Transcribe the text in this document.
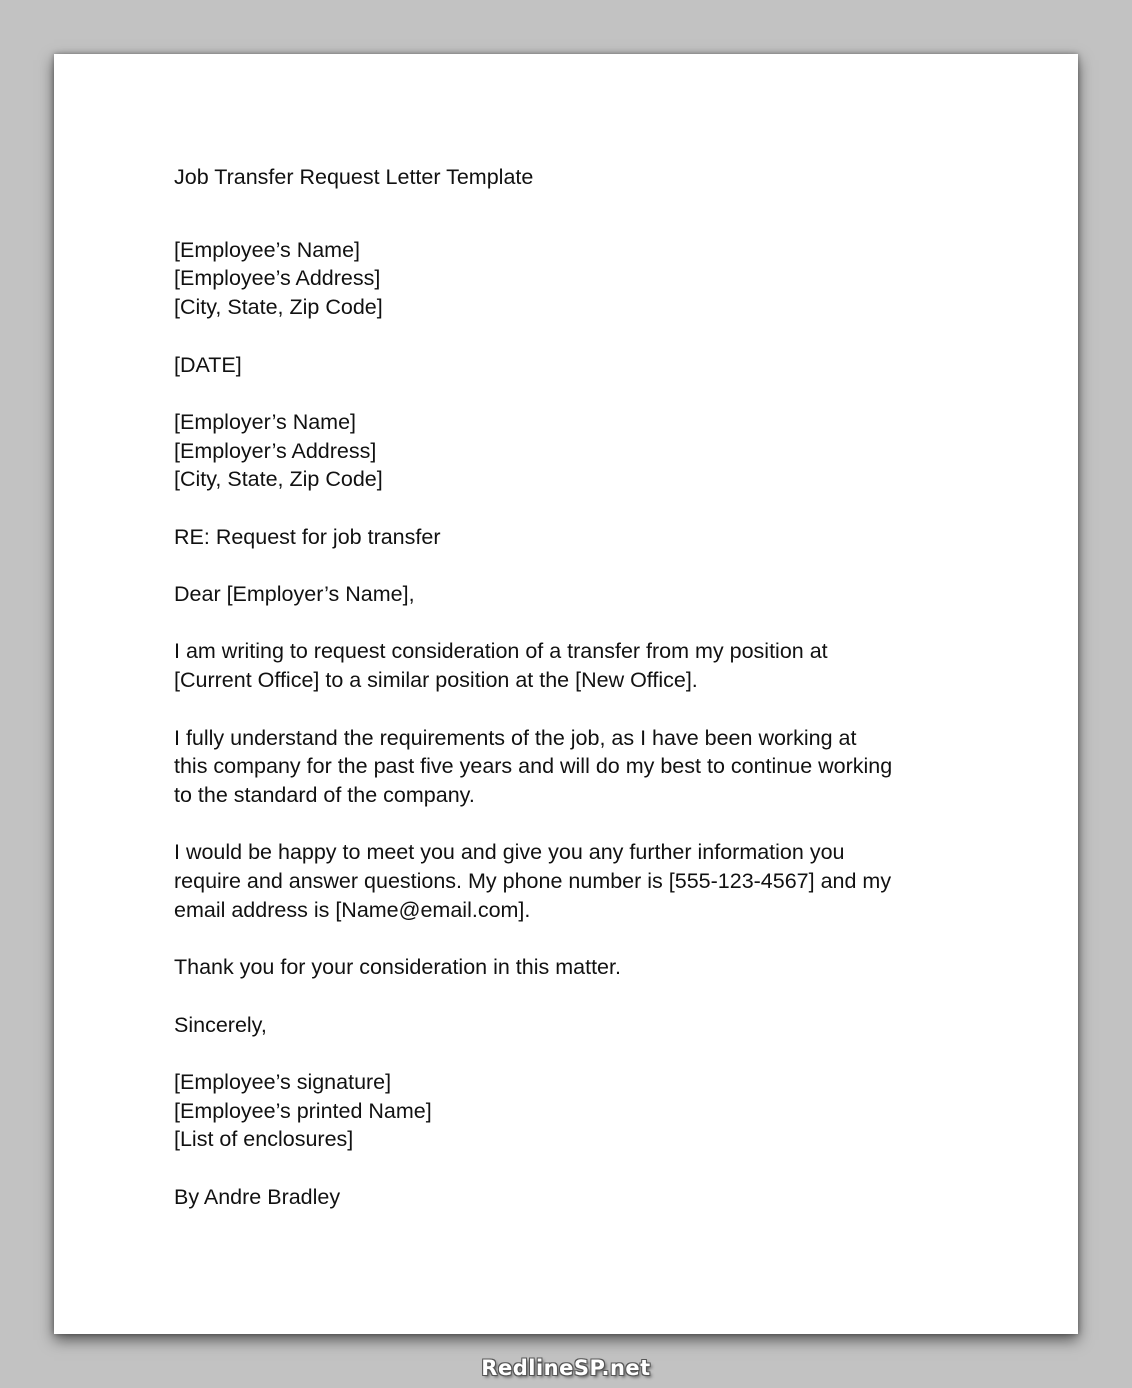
Job Transfer Request Letter Template
[Employee’s Name]
[Employee’s Address]
[City, State, Zip Code]
[DATE]
[Employer’s Name]
[Employer’s Address]
[City, State, Zip Code]
RE: Request for job transfer
Dear [Employer’s Name],
I am writing to request consideration of a transfer from my position at
[Current Office] to a similar position at the [New Office].
I fully understand the requirements of the job, as I have been working at
this company for the past five years and will do my best to continue working
to the standard of the company.
I would be happy to meet you and give you any further information you
require and answer questions. My phone number is [555-123-4567] and my
email address is [Name@email.com].
Thank you for your consideration in this matter.
Sincerely,
[Employee’s signature]
[Employee’s printed Name]
[List of enclosures]
By Andre Bradley
RedlineSP.net
